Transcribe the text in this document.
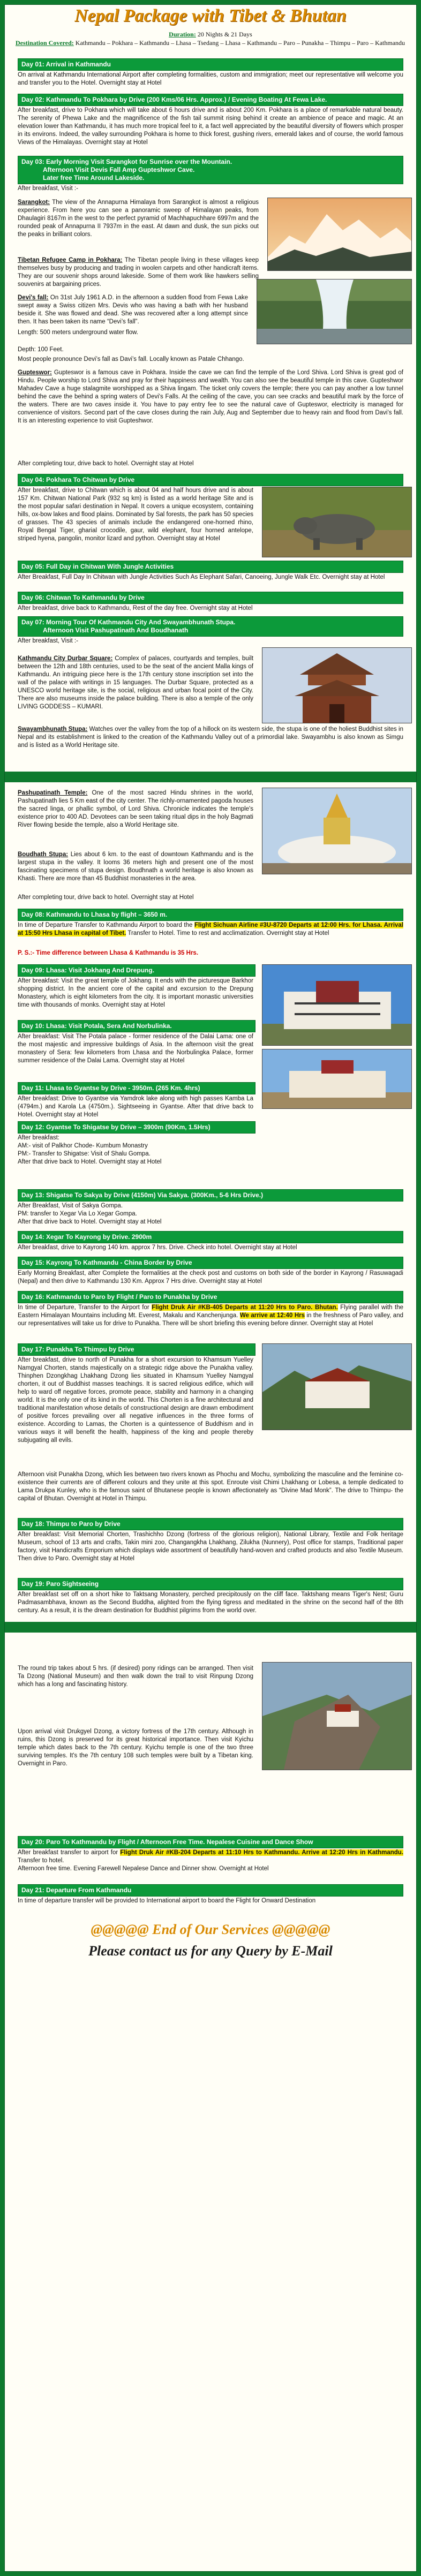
Nepal Package with Tibet & Bhutan
Duration: 20 Nights & 21 Days
Destination Covered: Kathmandu – Pokhara – Kathmandu – Lhasa – Tsedang – Lhasa – Kathmandu – Paro – Punakha – Thimpu – Paro – Kathmandu
Day 01: Arrival in Kathmandu
On arrival at Kathmandu International Airport after completing formalities, custom and immigration; meet our representative will welcome you and transfer you to the Hotel. Overnight stay at Hotel
Day 02: Kathmandu To Pokhara by Drive (200 Kms/06 Hrs. Approx.) / Evening Boating At Fewa Lake.
After breakfast, drive to Pokhara which will take about 6 hours drive and is about 200 Km. Pokhara is a place of remarkable natural beauty. The serenity of Phewa Lake and the magnificence of the fish tail summit rising behind it create an ambience of peace and magic. At an elevation lower than Kathmandu, it has much more tropical feel to it, a fact well appreciated by the beautiful diversity of flowers which prosper in its environs. Indeed, the valley surrounding Pokhara is home to thick forest, gushing rivers, emerald lakes and of course, the world famous Views of the Himalayas. Overnight stay at Hotel
Day 03: Early Morning Visit Sarangkot for Sunrise over the Mountain.
Afternoon Visit Devis Fall Amp Gupteshwor Cave.
Later free Time Around Lakeside.
After breakfast, Visit :-
Sarangkot: The view of the Annapurna Himalaya from Sarangkot is almost a religious experience. From here you can see a panoramic sweep of Himalayan peaks, from Dhaulagiri 8167m in the west to the perfect pyramid of Machhapuchhare 6997m and the rounded peak of Annapurna II 7937m in the east. At dawn and dusk, the sun picks out the peaks in brilliant colors.
Tibetan Refugee Camp in Pokhara: The Tibetan people living in these villages keep themselves busy by producing and trading in woolen carpets and other handicraft items. They are our souvenir shops around lakeside. Some of them work like hawkers selling souvenirs at bargaining prices.
Devi's fall: On 31st July 1961 A.D. in the afternoon a sudden flood from Fewa Lake swept away a Swiss citizen Mrs. Devis who was having a bath with her husband beside it. She was flowed and dead. She was recovered after a long attempt since then. It has been taken its name “Devi’s fall”.
Length: 500 meters underground water flow.
Depth: 100 Feet.
Most people pronounce Devi’s fall as Davi’s fall. Locally known as Patale Chhango.
Gupteswor: Gupteswor is a famous cave in Pokhara. Inside the cave we can find the temple of the Lord Shiva. Lord Shiva is great god of Hindu. People worship to Lord Shiva and pray for their happiness and wealth. You can also see the beautiful temple in this cave. Gupteshwor Mahadev Cave a huge stalagmite worshipped as a Shiva lingam. The ticket only covers the temple; there you can pay another a low tunnel behind the cave the behind a spring waters of Devi's Falls. At the ceiling of the cave, you can see cracks and beautiful mark by the force of the waters. There are two caves inside it. You have to pay entry fee to see the natural cave of Gupteswor, electricity is managed for convenience of visitors. Second part of the cave closes during the rain July, Aug and September due to heavy rain and flood from Davi’s fall. It is an interesting experience to visit Gupteshwor.
After completing tour, drive back to hotel. Overnight stay at Hotel
Day 04: Pokhara To Chitwan by Drive
After breakfast, drive to Chitwan which is about 04 and half hours drive and is about 157 Km. Chitwan National Park (932 sq km) is listed as a world heritage Site and is the most popular safari destination in Nepal. It covers a unique ecosystem, containing hills, ox-bow lakes and flood plains. Dominated by Sal forests, the park has 50 species of grasses. The 43 species of animals include the endangered one-horned rhino, Royal Bengal Tiger, gharial crocodile, gaur, wild elephant, four horned antelope, striped hyena, pangolin, monitor lizard and python. Overnight stay at Hotel
Day 05: Full Day in Chitwan With Jungle Activities
After Breakfast, Full Day In Chitwan with Jungle Activities Such As Elephant Safari, Canoeing, Jungle Walk Etc. Overnight stay at Hotel
Day 06: Chitwan To Kathmandu by Drive
After breakfast, drive back to Kathmandu, Rest of the day free. Overnight stay at Hotel
Day 07: Morning Tour Of Kathmandu City And Swayambhunath Stupa.
Afternoon Visit Pashupatinath And Boudhanath
After breakfast, Visit :-
Kathmandu City Durbar Square: Complex of palaces, courtyards and temples, built between the 12th and 18th centuries, used to be the seat of the ancient Malla kings of Kathmandu. An intriguing piece here is the 17th century stone inscription set into the wall of the palace with writings in 15 languages. The Durbar Square, protected as a UNESCO world heritage site, is the social, religious and urban focal point of the City. There are also museums inside the palace building. There is also a temple of the only LIVING GODDESS – KUMARI.
Swayambhunath Stupa: Watches over the valley from the top of a hillock on its western side, the stupa is one of the holiest Buddhist sites in Nepal and its establishment is linked to the creation of the Kathmandu Valley out of a primordial lake. Swayambhu is also known as Simgu and is listed as a World Heritage site.
Pashupatinath Temple: One of the most sacred Hindu shrines in the world, Pashupatinath lies 5 Km east of the city center. The richly-ornamented pagoda houses the sacred linga, or phallic symbol, of Lord Shiva. Chronicle indicates the temple's existence prior to 400 AD. Devotees can be seen taking ritual dips in the holy Bagmati River flowing beside the temple, also a World Heritage site.
Boudhath Stupa: Lies about 6 km. to the east of downtown Kathmandu and is the largest stupa in the valley. It looms 36 meters high and present one of the most fascinating specimens of stupa design. Boudhnath a world heritage is also known as Khasti. There are more than 45 Buddhist monasteries in the area.
After completing tour, drive back to hotel. Overnight stay at Hotel
Day 08: Kathmandu to Lhasa by flight – 3650 m.
In time of Departure Transfer to Kathmandu Airport to board the Flight Sichuan Airline #3U-8720 Departs at 12:00 Hrs. for Lhasa. Arrival at 15:50 Hrs Lhasa in capital of Tibet. Transfer to Hotel. Time to rest and acclimatization. Overnight stay at Hotel
P. S.:- Time difference between Lhasa & Kathmandu is 35 Hrs.
Day 09: Lhasa: Visit Jokhang And Drepung.
After breakfast: Visit the great temple of Jokhang. It ends with the picturesque Barkhor shopping district. In the ancient core of the capital and excursion to the Drepung Monastery, which is eight kilometers from the city. It is important monastic universities time with thousands of monks. Overnight stay at Hotel
Day 10: Lhasa: Visit Potala, Sera And Norbulinka.
After breakfast: Visit The Potala palace - former residence of the Dalai Lama: one of the most majestic and impressive buildings of Asia. In the afternoon visit the great monastery of Sera: few kilometers from Lhasa and the Norbulingka Palace, former summer residence of the Dalai Lama. Overnight stay at Hotel
Day 11: Lhasa to Gyantse by Drive - 3950m. (265 Km. 4hrs)
After breakfast: Drive to Gyantse via Yamdrok lake along with high passes Kamba La (4794m.) and Karola La (4750m.). Sightseeing in Gyantse. After that drive back to Hotel. Overnight stay at Hotel
Day 12: Gyantse To Shigatse by Drive – 3900m (90Km, 1.5Hrs)
After breakfast:
AM:- visit of Palkhor Chode- Kumbum Monastry
PM:- Transfer to Shigatse: Visit of Shalu Gompa.
After that drive back to Hotel. Overnight stay at Hotel
Day 13: Shigatse To Sakya by Drive (4150m) Via Sakya. (300Km., 5-6 Hrs Drive.)
After Breakfast, Visit of Sakya Gompa.
PM: transfer to Xegar Via Lo Xegar Gompa.
After that drive back to Hotel. Overnight stay at Hotel
Day 14: Xegar To Kayrong by Drive. 2900m
After breakfast, drive to Kayrong 140 km. approx 7 hrs. Drive. Check into hotel. Overnight stay at Hotel
Day 15: Kayrong To Kathmandu - China Border by Drive
Early Morning Breakfast, after Complete the formalities at the check post and customs on both side of the border in Kayrong / Rasuwagadi (Nepal) and then drive to Kathmandu 130 Km. Approx 7 Hrs drive. Overnight stay at Hotel
Day 16: Kathmandu to Paro by Flight / Paro to Punakha by Drive
In time of Departure, Transfer to the Airport for Flight Druk Air #KB-405 Departs at 11:20 Hrs to Paro. Bhutan. Flying parallel with the Eastern Himalayan Mountains including Mt. Everest, Makalu and Kanchenjunga. We arrive at 12:40 Hrs in the freshness of Paro valley, and our representatives will take us for drive to Punakha. There will be short briefing this evening before dinner. Overnight stay at Hotel
Day 17: Punakha To Thimpu by Drive
After breakfast, drive to north of Punakha for a short excursion to Khamsum Yuelley Namgyal Chorten, stands majestically on a strategic ridge above the Punakha valley. Thinphen Dzongkhag Lhakhang Dzong lies situated in Khamsum Yuelley Namgyal chorten, it out of Buddhist masses teachings. It is sacred religious edifice, which will help to ward off negative forces, promote peace, stability and harmony in a changing world. It is the only one of its kind in the world. This Chorten is a fine architectural and traditional manifestation whose details of constructional design are drawn embodiment of positive forces prevailing over all negative influences in the three forms of existence. According to Lamas, the Chorten is a quintessence of Buddhism and in various ways it will benefit the health, happiness of the king and people thereby subjugating all evils.
Afternoon visit Punakha Dzong, which lies between two rivers known as Phochu and Mochu, symbolizing the masculine and the feminine co-existence their currents are of different colours and they unite at this spot. Enroute visit Chimi Lhakhang or Lobesa, a temple dedicated to Lama Drukpa Kunley, who is the famous saint of Bhutanese people is known affectionately as “Divine Mad Monk”. The drive to Thimpu- the capital of Bhutan. Overnight at Hotel in Thimpu.
Day 18: Thimpu to Paro by Drive
After breakfast: Visit Memorial Chorten, Trashichho Dzong (fortress of the glorious religion), National Library, Textile and Folk heritage Museum, school of 13 arts and crafts, Takin mini zoo, Changangkha Lhakhang, Zilukha (Nunnery), Post office for stamps, Traditional paper factory, visit Handicrafts Emporium which displays wide assortment of beautifully hand-woven and crafted products and also Textile Museum. Then drive to Paro. Overnight stay at Hotel
Day 19: Paro Sightseeing
After breakfast set off on a short hike to Taktsang Monastery, perched precipitously on the cliff face. Taktshang means Tiger's Nest; Guru Padmasambhava, known as the Second Buddha, alighted from the flying tigress and meditated in the shrine on the second half of the 8th century. As a result, it is the dream destination for Buddhist pilgrims from the world over.
The round trip takes about 5 hrs. (if desired) pony ridings can be arranged. Then visit Ta Dzong (National Museum) and then walk down the trail to visit Rinpung Dzong which has a long and fascinating history.
Upon arrival visit Drukgyel Dzong, a victory fortress of the 17th century. Although in ruins, this Dzong is preserved for its great historical importance. Then visit Kyichu temple which dates back to the 7th century. Kyichu temple is one of the two three surviving temples. It's the 7th century 108 such temples were built by a Tibetan king. Overnight in Paro.
Day 20: Paro To Kathmandu by Flight / Afternoon Free Time. Nepalese Cuisine and Dance Show
After breakfast transfer to airport for Flight Druk Air #KB-204 Departs at 11:10 Hrs to Kathmandu. Arrive at 12:20 Hrs in Kathmandu. Transfer to hotel.
Afternoon free time. Evening Farewell Nepalese Dance and Dinner show. Overnight at Hotel
Day 21: Departure From Kathmandu
In time of departure transfer will be provided to International airport to board the Flight for Onward Destination
@@@@@ End of Our Services @@@@@
Please contact us for any Query by E-Mail
